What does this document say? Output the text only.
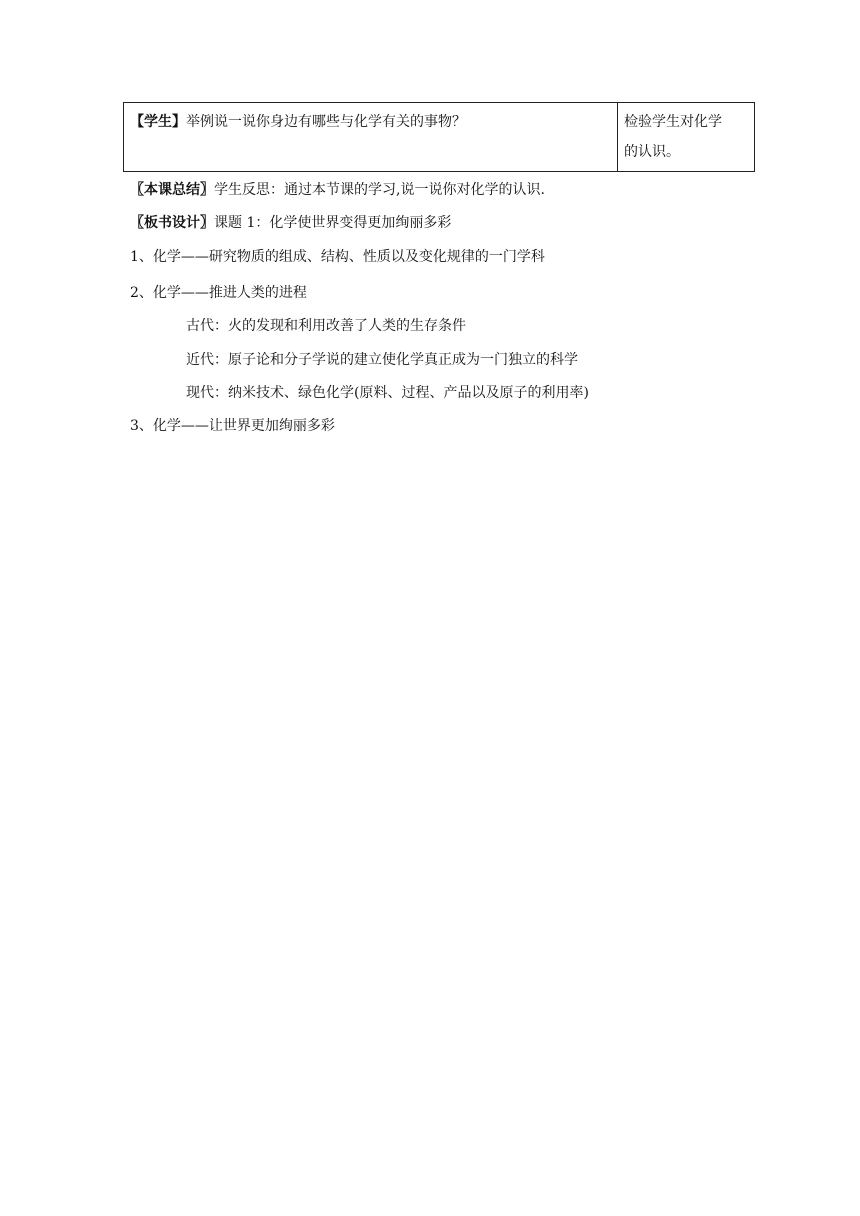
【学生】举例说一说你身边有哪些与化学有关的事物？	检验学生对化学
的认识。
〖本课总结〗学生反思：通过本节课的学习,说一说你对化学的认识.
〖板书设计〗课题 1：化学使世界变得更加绚丽多彩
1、化学——研究物质的组成、结构、性质以及变化规律的一门学科
2、化学——推进人类的进程
古代：火的发现和利用改善了人类的生存条件
近代：原子论和分子学说的建立使化学真正成为一门独立的科学
现代：纳米技术、绿色化学(原料、过程、产品以及原子的利用率)
3、化学——让世界更加绚丽多彩
